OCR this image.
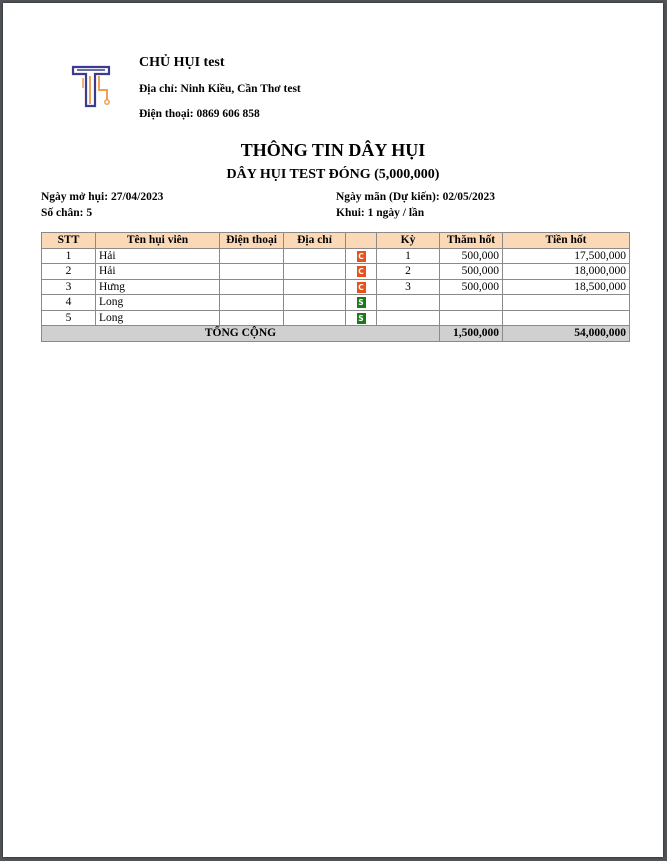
CHỦ HỤI test
Địa chỉ: Ninh Kiều, Cần Thơ test
Điện thoại: 0869 606 858
THÔNG TIN DÂY HỤI
DÂY HỤI TEST ĐÓNG (5,000,000)
Ngày mở hụi: 27/04/2023	Ngày mãn (Dự kiến): 02/05/2023
Số chân: 5	Khui: 1 ngày / lần
STT	Tên hụi viên	Điện thoại	Địa chỉ		Kỳ	Thăm hốt	Tiền hốt
1	Hải			C	1	500,000	17,500,000
2	Hải			C	2	500,000	18,000,000
3	Hưng			C	3	500,000	18,500,000
4	Long			S			
5	Long			S			
TỔNG CỘNG						1,500,000	54,000,000
